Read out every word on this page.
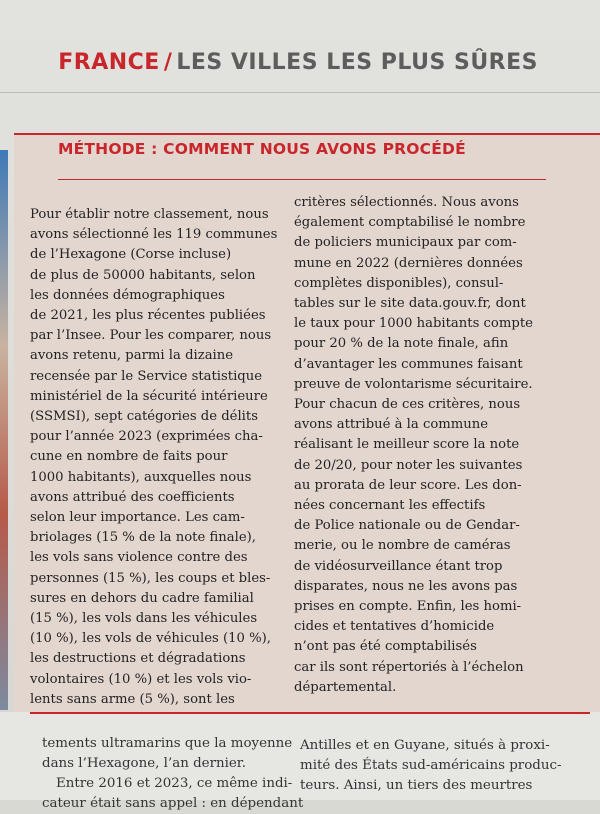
FRANCE / LES VILLES LES PLUS SÛRES
MÉTHODE : COMMENT NOUS AVONS PROCÉDÉ
Pour établir notre classement, nous
avons sélectionné les 119 communes
de l’Hexagone (Corse incluse)
de plus de 50000 habitants, selon
les données démographiques
de 2021, les plus récentes publiées
par l’Insee. Pour les comparer, nous
avons retenu, parmi la dizaine
recensée par le Service statistique
ministériel de la sécurité intérieure
(SSMSI), sept catégories de délits
pour l’année 2023 (exprimées cha-
cune en nombre de faits pour
1000 habitants), auxquelles nous
avons attribué des coefficients
selon leur importance. Les cam-
briolages (15 % de la note finale),
les vols sans violence contre des
personnes (15 %), les coups et bles-
sures en dehors du cadre familial
(15 %), les vols dans les véhicules
(10 %), les vols de véhicules (10 %),
les destructions et dégradations
volontaires (10 %) et les vols vio-
lents sans arme (5 %), sont les
critères sélectionnés. Nous avons
également comptabilisé le nombre
de policiers municipaux par com-
mune en 2022 (dernières données
complètes disponibles), consul-
tables sur le site data.gouv.fr, dont
le taux pour 1000 habitants compte
pour 20 % de la note finale, afin
d’avantager les communes faisant
preuve de volontarisme sécuritaire.
Pour chacun de ces critères, nous
avons attribué à la commune
réalisant le meilleur score la note
de 20/20, pour noter les suivantes
au prorata de leur score. Les don-
nées concernant les effectifs
de Police nationale ou de Gendar-
merie, ou le nombre de caméras
de vidéosurveillance étant trop
disparates, nous ne les avons pas
prises en compte. Enfin, les homi-
cides et tentatives d’homicide
n’ont pas été comptabilisés
car ils sont répertoriés à l’échelon
départemental.
tements ultramarins que la moyenne
dans l’Hexagone, l’an dernier.
Entre 2016 et 2023, ce même indi-
cateur était sans appel : en dépendant
Antilles et en Guyane, situés à proxi-
mité des États sud-américains produc-
teurs. Ainsi, un tiers des meurtres
